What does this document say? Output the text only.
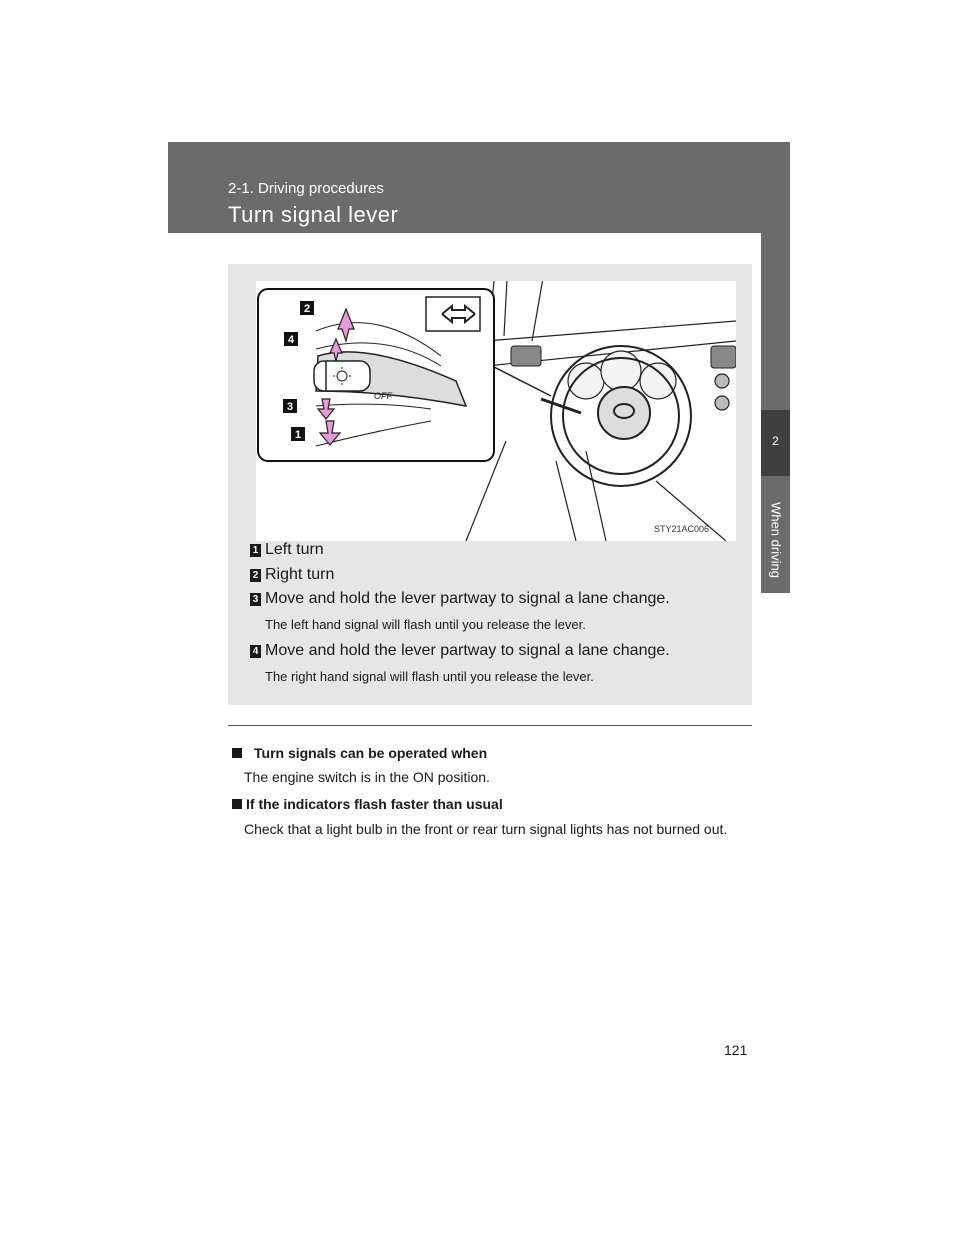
2-1. Driving procedures
Turn signal lever
2
When driving
OFF
2
4
3
1
STY21AC006
1 Left turn
2 Right turn
3 Move and hold the lever partway to signal a lane change.
The left hand signal will flash until you release the lever.
4 Move and hold the lever partway to signal a lane change.
The right hand signal will flash until you release the lever.
Turn signals can be operated when
The engine switch is in the ON position.
If the indicators flash faster than usual
Check that a light bulb in the front or rear turn signal lights has not burned out.
121
